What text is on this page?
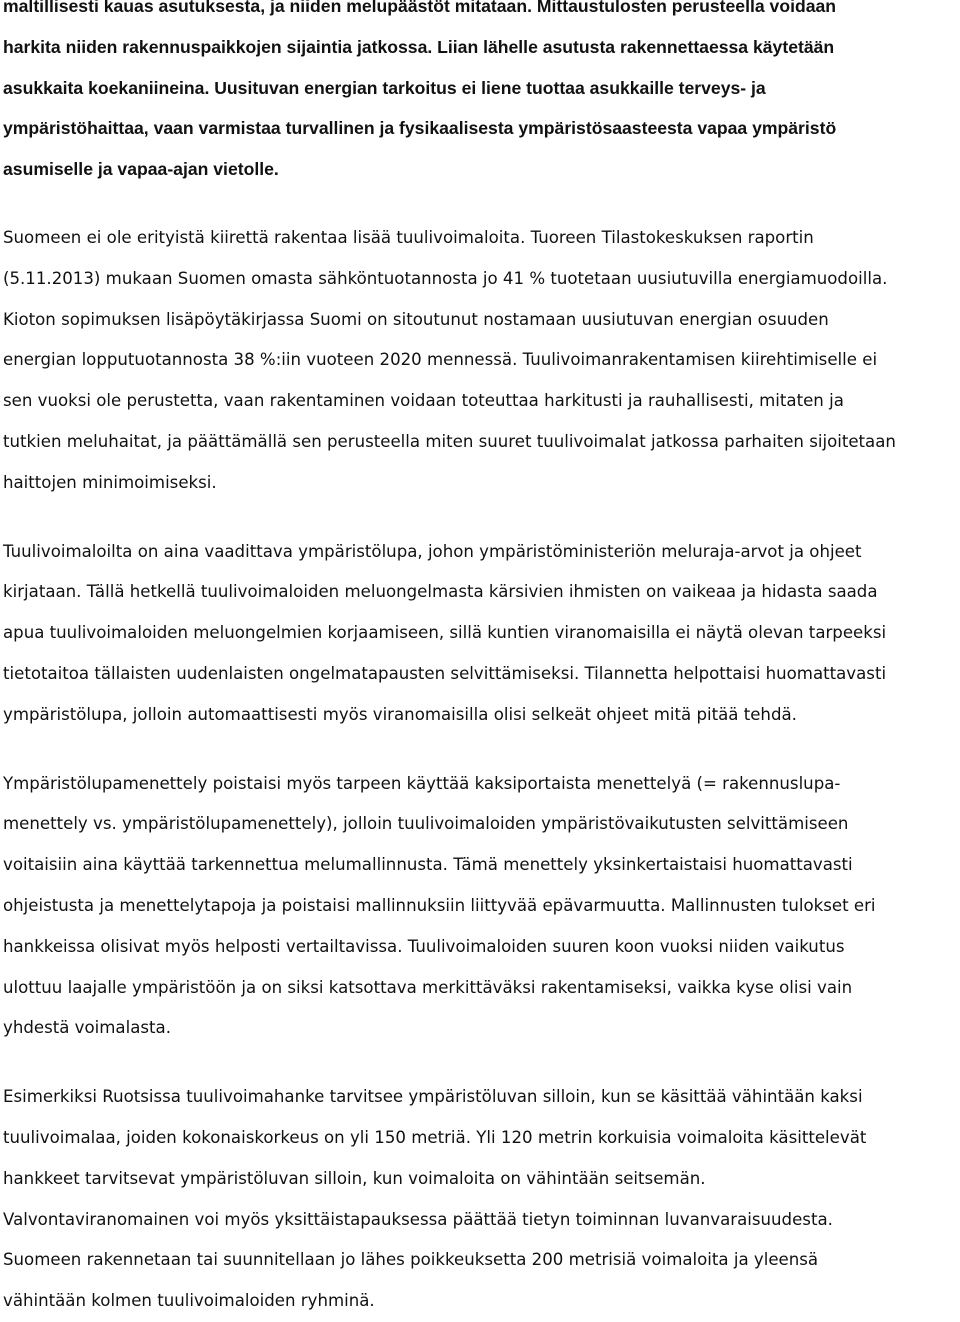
maltillisesti kauas asutuksesta, ja niiden melupäästöt mitataan. Mittaustulosten perusteella voidaan
harkita niiden rakennuspaikkojen sijaintia jatkossa. Liian lähelle asutusta rakennettaessa käytetään
asukkaita koekaniineina. Uusituvan energian tarkoitus ei liene tuottaa asukkaille terveys- ja
ympäristöhaittaa, vaan varmistaa turvallinen ja fysikaalisesta ympäristösaasteesta vapaa ympäristö
asumiselle ja vapaa-ajan vietolle.
Suomeen ei ole erityistä kiirettä rakentaa lisää tuulivoimaloita. Tuoreen Tilastokeskuksen raportin
(5.11.2013) mukaan Suomen omasta sähköntuotannosta jo 41 % tuotetaan uusiutuvilla energiamuodoilla.
Kioton sopimuksen lisäpöytäkirjassa Suomi on sitoutunut nostamaan uusiutuvan energian osuuden
energian lopputuotannosta 38 %:iin vuoteen 2020 mennessä. Tuulivoimanrakentamisen kiirehtimiselle ei
sen vuoksi ole perustetta, vaan rakentaminen voidaan toteuttaa harkitusti ja rauhallisesti, mitaten ja
tutkien meluhaitat, ja päättämällä sen perusteella miten suuret tuulivoimalat jatkossa parhaiten sijoitetaan
haittojen minimoimiseksi.
Tuulivoimaloilta on aina vaadittava ympäristölupa, johon ympäristöministeriön meluraja-arvot ja ohjeet
kirjataan. Tällä hetkellä tuulivoimaloiden meluongelmasta kärsivien ihmisten on vaikeaa ja hidasta saada
apua tuulivoimaloiden meluongelmien korjaamiseen, sillä kuntien viranomaisilla ei näytä olevan tarpeeksi
tietotaitoa tällaisten uudenlaisten ongelmatapausten selvittämiseksi. Tilannetta helpottaisi huomattavasti
ympäristölupa, jolloin automaattisesti myös viranomaisilla olisi selkeät ohjeet mitä pitää tehdä.
Ympäristölupamenettely poistaisi myös tarpeen käyttää kaksiportaista menettelyä (= rakennuslupa-
menettely vs. ympäristölupamenettely), jolloin tuulivoimaloiden ympäristövaikutusten selvittämiseen
voitaisiin aina käyttää tarkennettua melumallinnusta. Tämä menettely yksinkertaistaisi huomattavasti
ohjeistusta ja menettelytapoja ja poistaisi mallinnuksiin liittyvää epävarmuutta. Mallinnusten tulokset eri
hankkeissa olisivat myös helposti vertailtavissa. Tuulivoimaloiden suuren koon vuoksi niiden vaikutus
ulottuu laajalle ympäristöön ja on siksi katsottava merkittäväksi rakentamiseksi, vaikka kyse olisi vain
yhdestä voimalasta.
Esimerkiksi Ruotsissa tuulivoimahanke tarvitsee ympäristöluvan silloin, kun se käsittää vähintään kaksi
tuulivoimalaa, joiden kokonaiskorkeus on yli 150 metriä. Yli 120 metrin korkuisia voimaloita käsittelevät
hankkeet tarvitsevat ympäristöluvan silloin, kun voimaloita on vähintään seitsemän.
Valvontaviranomainen voi myös yksittäistapauksessa päättää tietyn toiminnan luvanvaraisuudesta.
Suomeen rakennetaan tai suunnitellaan jo lähes poikkeuksetta 200 metrisiä voimaloita ja yleensä
vähintään kolmen tuulivoimaloiden ryhminä.
